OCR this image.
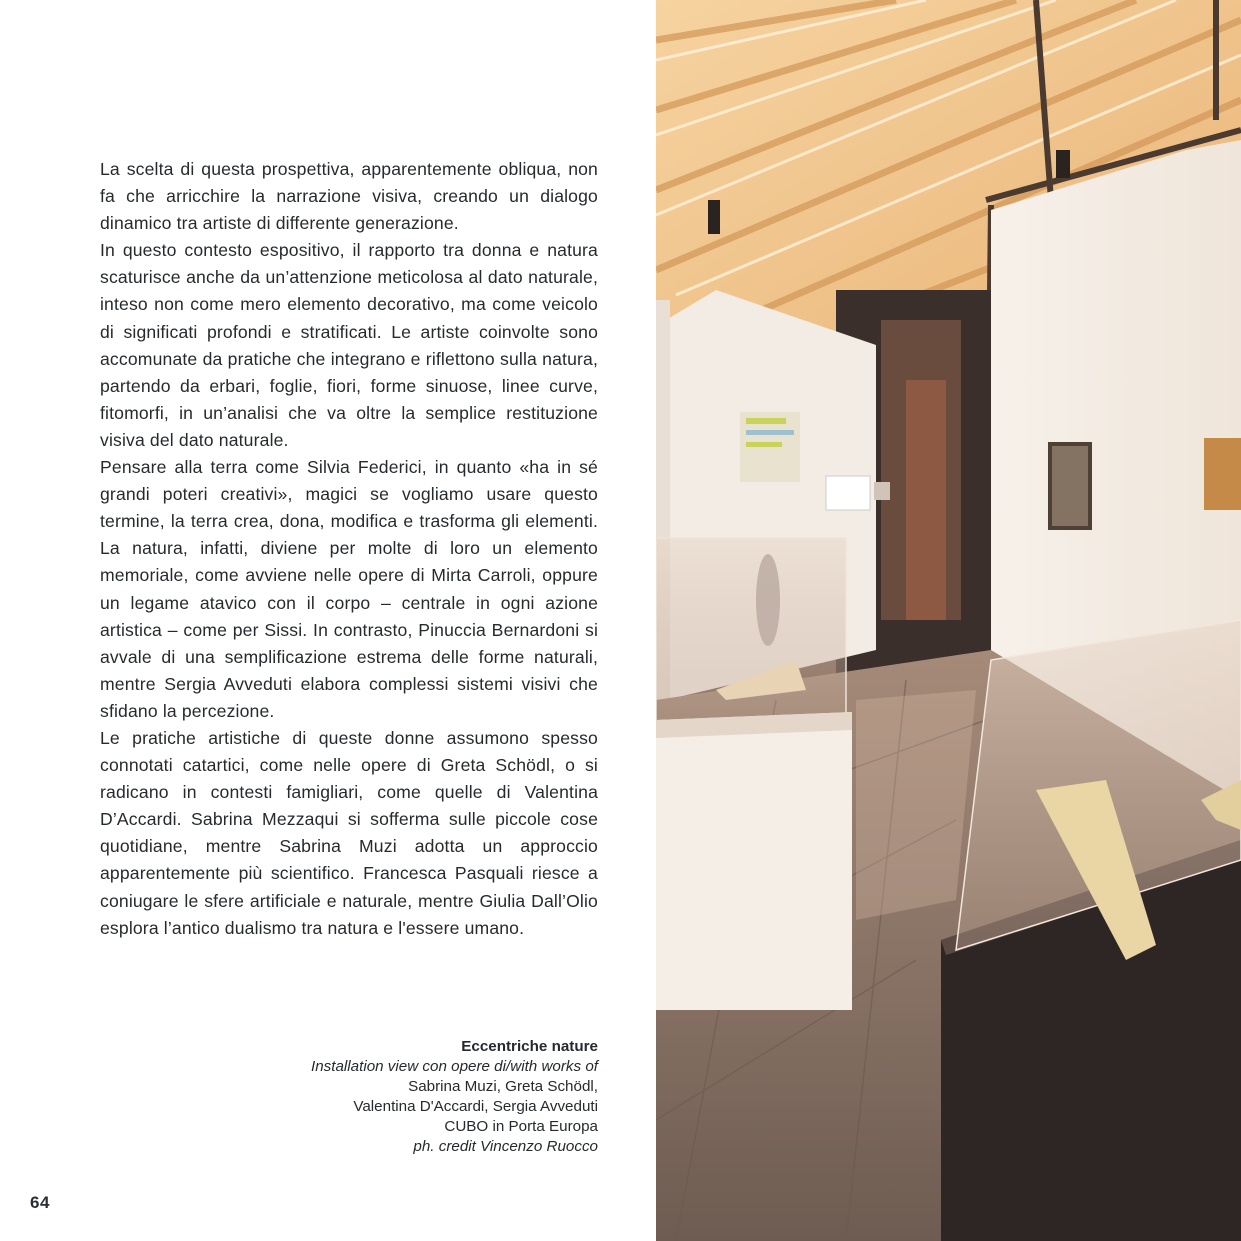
La scelta di questa prospettiva, apparentemente obliqua, non fa che arricchire la narrazione visiva, creando un dialogo dinamico tra artiste di differente generazione.

In questo contesto espositivo, il rapporto tra donna e natura scaturisce anche da un’attenzione meticolosa al dato naturale, inteso non come mero elemento decorativo, ma come veicolo di significati profondi e stratificati. Le artiste coinvolte sono accomunate da pratiche che integrano e riflettono sulla natura, partendo da erbari, foglie, fiori, forme sinuose, linee curve, fitomorfi, in un’analisi che va oltre la semplice restituzione visiva del dato naturale.

Pensare alla terra come Silvia Federici, in quanto «ha in sé grandi poteri creativi», magici se vogliamo usare questo termine, la terra crea, dona, modifica e trasforma gli elementi. La natura, infatti, diviene per molte di loro un elemento memoriale, come avviene nelle opere di Mirta Carroli, oppure un legame atavico con il corpo – centrale in ogni azione artistica – come per Sissi. In contrasto, Pinuccia Bernardoni si avvale di una semplificazione estrema delle forme naturali, mentre Sergia Avveduti elabora complessi sistemi visivi che sfidano la percezione.

Le pratiche artistiche di queste donne assumono spesso connotati catartici, come nelle opere di Greta Schödl, o si radicano in contesti famigliari, come quelle di Valentina D’Accardi. Sabrina Mezzaqui si sofferma sulle piccole cose quotidiane, mentre Sabrina Muzi adotta un approccio apparentemente più scientifico. Francesca Pasquali riesce a coniugare le sfere artificiale e naturale, mentre Giulia Dall’Olio esplora l’antico dualismo tra natura e l'essere umano.

Eccentriche nature
Installation view con opere di/with works of
Sabrina Muzi, Greta Schödl,
Valentina D'Accardi, Sergia Avveduti
CUBO in Porta Europa
ph. credit Vincenzo Ruocco
64
